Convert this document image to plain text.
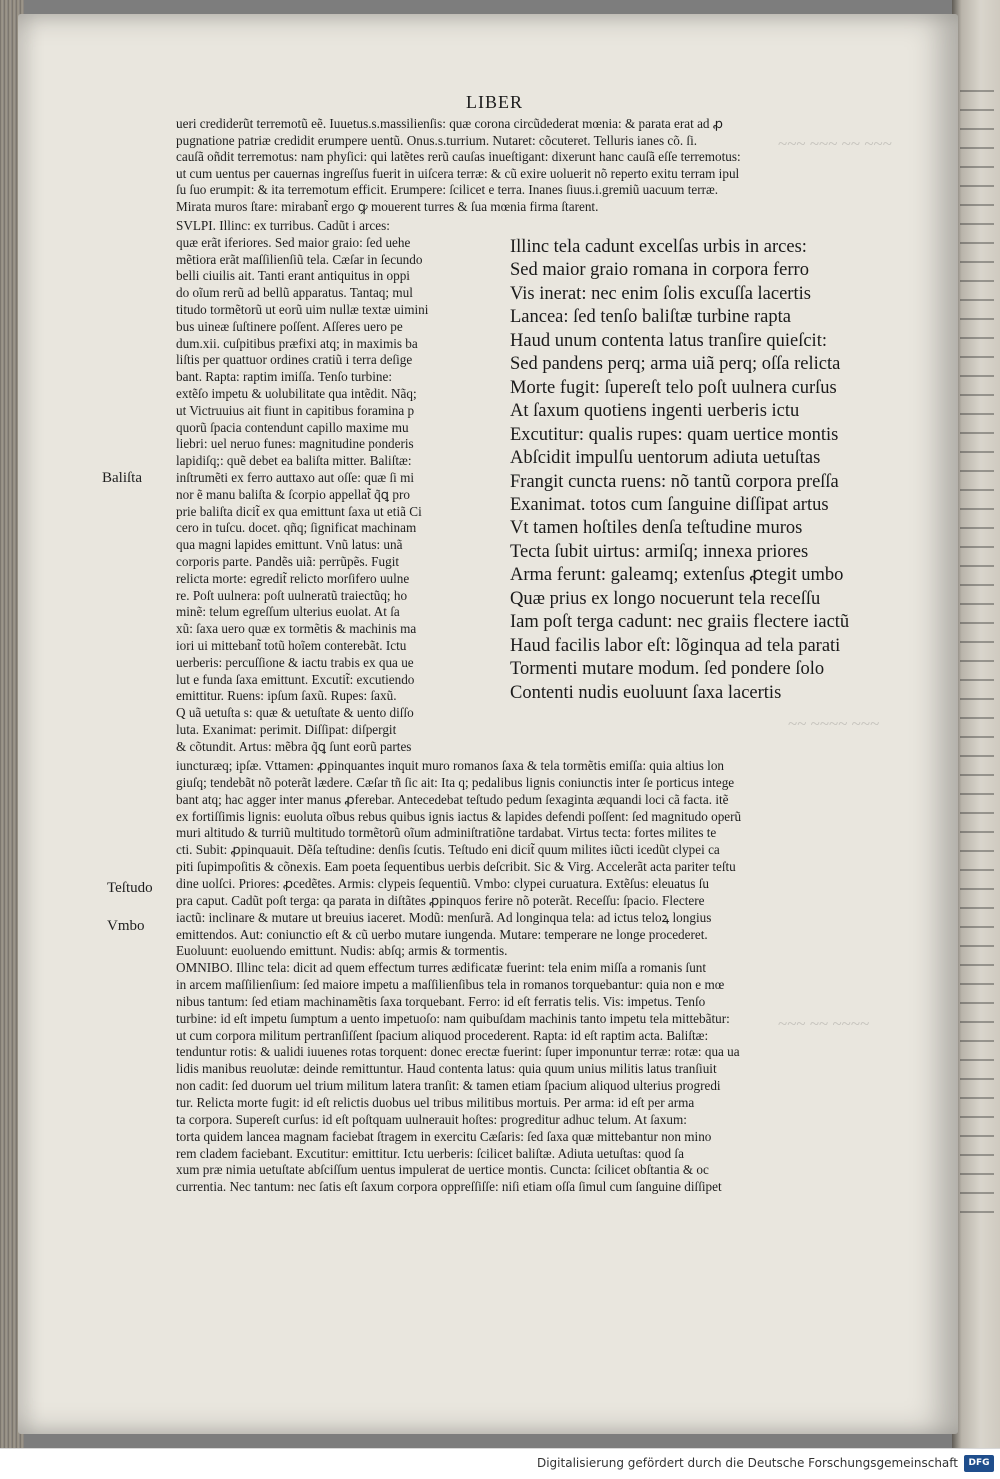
~~~ ~~~ ~~ ~~~
~~ ~~~~ ~~~
~~~ ~~ ~~~~
LIBER
ueri crediderũt terremotũ eẽ. Iuuetus.s.massilienſis: quæ corona circũdederat mœnia: & parata erat ad ꝓ
pugnatione patriæ credidit erumpere uentũ. Onus.s.turrium. Nutaret: cõcuteret. Telluris ianes cõ. ſi.
cauſã oñdit terremotus: nam phyſici: qui latẽtes rerũ cauſas inueſtigant: dixerunt hanc cauſã eſſe terremotus:
ut cum uentus per cauernas ingreſſus fuerit in uiſcera terræ: & cũ exire uoluerit nõ reperto exitu terram ipul
ſu ſuo erumpit: & ita terremotum efficit. Erumpere: ſcilicet e terra. Inanes ſiuus.i.gremiũ uacuum terræ.
Mirata muros ſtare: mirabant̃ ergo ꝙ mouerent turres & ſua mœnia firma ſtarent.
SVLPI. Illinc: ex turribus. Cadũt i arces:
quæ erãt iferiores. Sed maior graio: ſed uehe
mẽtiora erãt maſſilienſiũ tela. Cæſar in ſecundo
belli ciuilis ait. Tanti erant antiquitus in oppi
do oĩum rerũ ad bellũ apparatus. Tantaq; mul
titudo tormẽtorũ ut eorũ uim nullæ textæ uimini
bus uineæ ſuſtinere poſſent. Aſſeres uero pe
dum.xii. cuſpitibus præfixi atq; in maximis ba
liſtis per quattuor ordines cratiũ i terra deſige
bant. Rapta: raptim imiſſa. Tenſo turbine:
extẽſo impetu & uolubilitate qua intẽdit. Nãq;
ut Victruuius ait fiunt in capitibus foramina p
quorũ ſpacia contendunt capillo maxime mu
liebri: uel neruo funes: magnitudine ponderis
lapidiſq;: quẽ debet ea baliſta mitter. Baliſtæ:
inſtrumẽti ex ferro auttaxo aut oſſe: quæ ſi mi
nor ẽ manu baliſta & ſcorpio appellat̃ q̃ꝗ pro
prie baliſta dicit̃ ex qua emittunt ſaxa ut etiã Ci
cero in tuſcu. docet. qñq; ſignificat machinam
qua magni lapides emittunt. Vnũ latus: unã
corporis parte. Pandẽs uiã: perrũpẽs. Fugit
relicta morte: egredit̃ relicto morſifero uulne
re. Poſt uulnera: poſt uulneratũ traiectũq; ho
minẽ: telum egreſſum ulterius euolat. At ſa
xũ: ſaxa uero quæ ex tormẽtis & machinis ma
iori ui mittebant̃ totũ hoĩem conterebãt. Ictu
uerberis: percuſſione & iactu trabis ex qua ue
lut e funda ſaxa emittunt. Excutit̃: excutiendo
emittitur. Ruens: ipſum ſaxũ. Rupes: ſaxũ.
Q uã uetuſta s: quæ & uetuſtate & uento diſſo
luta. Exanimat: perimit. Diſſipat: diſpergit
& cõtundit. Artus: mẽbra q̃ꝗ ſunt eorũ partes
Illinc tela cadunt excelſas urbis in arces:
Sed maior graio romana in corpora ferro
Vis inerat: nec enim ſolis excuſſa lacertis
Lancea: ſed tenſo baliſtæ turbine rapta
Haud unum contenta latus tranſire quieſcit:
Sed pandens perq; arma uiã perq; oſſa relicta
Morte fugit: ſupereſt telo poſt uulnera curſus
At ſaxum quotiens ingenti uerberis ictu
Excutitur: qualis rupes: quam uertice montis
Abſcidit impulſu uentorum adiuta uetuſtas
Frangit cuncta ruens: nõ tantũ corpora preſſa
Exanimat. totos cum ſanguine diſſipat artus
Vt tamen hoſtiles denſa teſtudine muros
Tecta ſubit uirtus: armiſq; innexa priores
Arma ferunt: galeamq; extenſus ꝓtegit umbo
Quæ prius ex longo nocuerunt tela receſſu
Iam poſt terga cadunt: nec graiis flectere iactũ
Haud facilis labor eſt: lõginqua ad tela parati
Tormenti mutare modum. ſed pondere ſolo
Contenti nudis euoluunt ſaxa lacertis
iuncturæq; ipſæ. Vttamen: ꝓpinquantes inquit muro romanos ſaxa & tela tormẽtis emiſſa: quia altius lon
giuſq; tendebãt nõ poterãt lædere. Cæſar tñ ſic ait: Ita q; pedalibus lignis coniunctis inter ſe porticus intege
bant atq; hac agger inter manus ꝓferebar. Antecedebat teſtudo pedum ſexaginta æquandi loci cã facta. itẽ
ex fortiſſimis lignis: euoluta oĩbus rebus quibus ignis iactus & lapides defendi poſſent: ſed magnitudo operũ
muri altitudo & turriũ multitudo tormẽtorũ oĩum adminiſtratiõne tardabat. Virtus tecta: fortes milites te
cti. Subit: ꝓpinquauit. Dẽſa teſtudine: denſis ſcutis. Teſtudo eni dicit̃ quum milites iũcti icedũt clypei ca
piti ſupimpoſitis & cõnexis. Eam poeta ſequentibus uerbis deſcribit. Sic & Virg. Accelerãt acta pariter teſtu
dine uolſci. Priores: ꝓcedẽtes. Armis: clypeis ſequentiũ. Vmbo: clypei curuatura. Extẽſus: eleuatus ſu
pra caput. Cadũt poſt terga: qa parata in diſtãtes ꝓpinquos ferire nõ poterãt. Receſſu: ſpacio. Flectere
iactũ: inclinare & mutare ut breuius iaceret. Modũ: menſurã. Ad longinqua tela: ad ictus teloꝝ longius
emittendos. Aut: coniunctio eſt & cũ uerbo mutare iungenda. Mutare: temperare ne longe procederet.
Euoluunt: euoluendo emittunt. Nudis: abſq; armis & tormentis.
OMNIBO. Illinc tela: dicit ad quem effectum turres ædificatæ fuerint: tela enim miſſa a romanis ſunt
in arcem maſſilienſium: ſed maiore impetu a maſſilienſibus tela in romanos torquebantur: quia non e mœ
nibus tantum: ſed etiam machinamẽtis ſaxa torquebant. Ferro: id eſt ferratis telis. Vis: impetus. Tenſo
turbine: id eſt impetu ſumptum a uento impetuoſo: nam quibuſdam machinis tanto impetu tela mittebãtur:
ut cum corpora militum pertranſiſſent ſpacium aliquod procederent. Rapta: id eſt raptim acta. Baliſtæ:
tenduntur rotis: & ualidi iuuenes rotas torquent: donec erectæ fuerint: ſuper imponuntur terræ: rotæ: qua ua
lidis manibus reuolutæ: deinde remittuntur. Haud contenta latus: quia quum unius militis latus tranſiuit
non cadit: ſed duorum uel trium militum latera tranſit: & tamen etiam ſpacium aliquod ulterius progredi
tur. Relicta morte fugit: id eſt relictis duobus uel tribus militibus mortuis. Per arma: id eſt per arma
ta corpora. Supereſt curſus: id eſt poſtquam uulnerauit hoſtes: progreditur adhuc telum. At ſaxum:
torta quidem lancea magnam faciebat ſtragem in exercitu Cæſaris: ſed ſaxa quæ mittebantur non mino
rem cladem faciebant. Excutitur: emittitur. Ictu uerberis: ſcilicet baliſtæ. Adiuta uetuſtas: quod ſa
xum præ nimia uetuſtate abſciſſum uentus impulerat de uertice montis. Cuncta: ſcilicet obſtantia & oc
currentia. Nec tantum: nec ſatis eſt ſaxum corpora oppreſſiſſe: niſi etiam oſſa ſimul cum ſanguine diſſipet
Baliſta
Teſtudo
Vmbo
Digitalisierung gefördert durch die Deutsche Forschungsgemeinschaft	DFG
